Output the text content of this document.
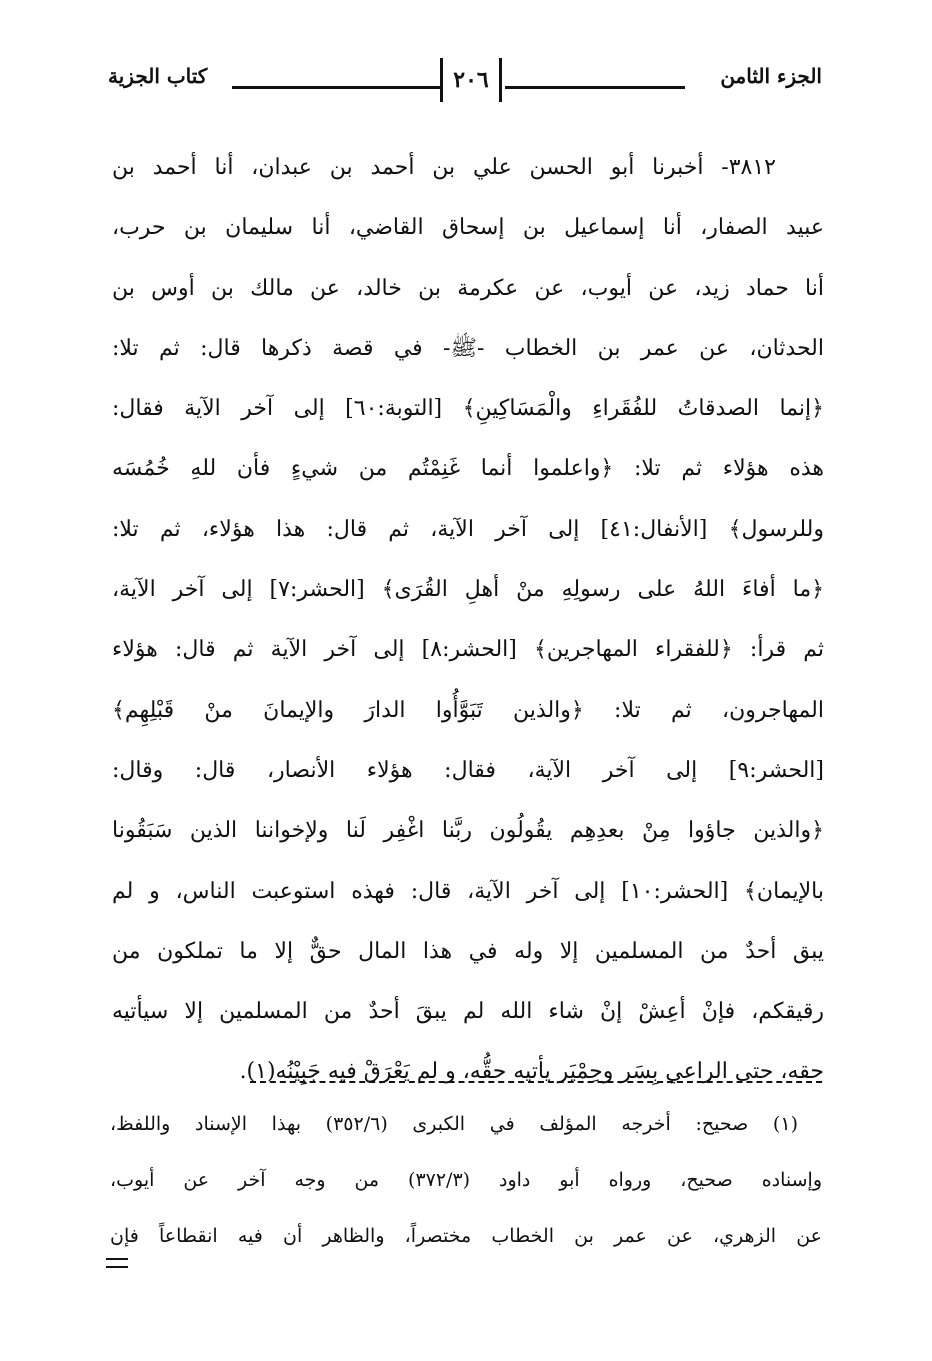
الجزء الثامن
٢٠٦
كتاب الجزية
٣٨١٢- أخبرنا أبو الحسن علي بن أحمد بن عبدان، أنا أحمد بن
عبيد الصفار، أنا إسماعيل بن إسحاق القاضي، أنا سليمان بن حرب،
أنا حماد زيد، عن أيوب، عن عكرمة بن خالد، عن مالك بن أوس بن
الحدثان، عن عمر بن الخطاب -ﷺ- في قصة ذكرها قال: ثم تلا:
﴿إنما الصدقاتُ للفُقَراءِ والْمَسَاكِينِ﴾ [التوبة:٦٠] إلى آخر الآية فقال:
هذه هؤلاء ثم تلا: ﴿واعلموا أنما غَنِمْتُم من شيءٍ فأن للهِ خُمُسَه
وللرسول﴾ [الأنفال:٤١] إلى آخر الآية، ثم قال: هذا هؤلاء، ثم تلا:
﴿ما أفاءَ اللهُ على رسولِهِ منْ أهلِ القُرَى﴾ [الحشر:٧] إلى آخر الآية،
ثم قرأ: ﴿للفقراء المهاجرين﴾ [الحشر:٨] إلى آخر الآية ثم قال: هؤلاء
المهاجرون، ثم تلا: ﴿والذين تَبَوَّأُوا الدارَ والإيمانَ منْ قَبْلِهِم﴾
[الحشر:٩] إلى آخر الآية، فقال: هؤلاء الأنصار، قال: وقال:
﴿والذين جاؤوا مِنْ بعدِهِم يقُولُون ربَّنا اغْفِر لَنا ولإخواننا الذين سَبَقُونا
بالإيمان﴾ [الحشر:١٠] إلى آخر الآية، قال: فهذه استوعبت الناس، و لم
يبق أحدٌ من المسلمين إلا وله في هذا المال حقٌّ إلا ما تملكون من
رقيقكم، فإنْ أعِشْ إنْ شاء الله لم يبقَ أحدٌ من المسلمين إلا سيأتيه
حقه، حتى الراعي بِسَر وحِمْيَر يأتيه حقُّه، و لم يَعْرَقْ فيه جَبِيْنُه(١).
(١) صحيح: أخرجه المؤلف في الكبرى (٣٥٢/٦) بهذا الإسناد واللفظ،
وإسناده صحيح، ورواه أبو داود (٣٧٢/٣) من وجه آخر عن أيوب،
عن الزهري، عن عمر بن الخطاب مختصراً، والظاهر أن فيه انقطاعاً فإن
